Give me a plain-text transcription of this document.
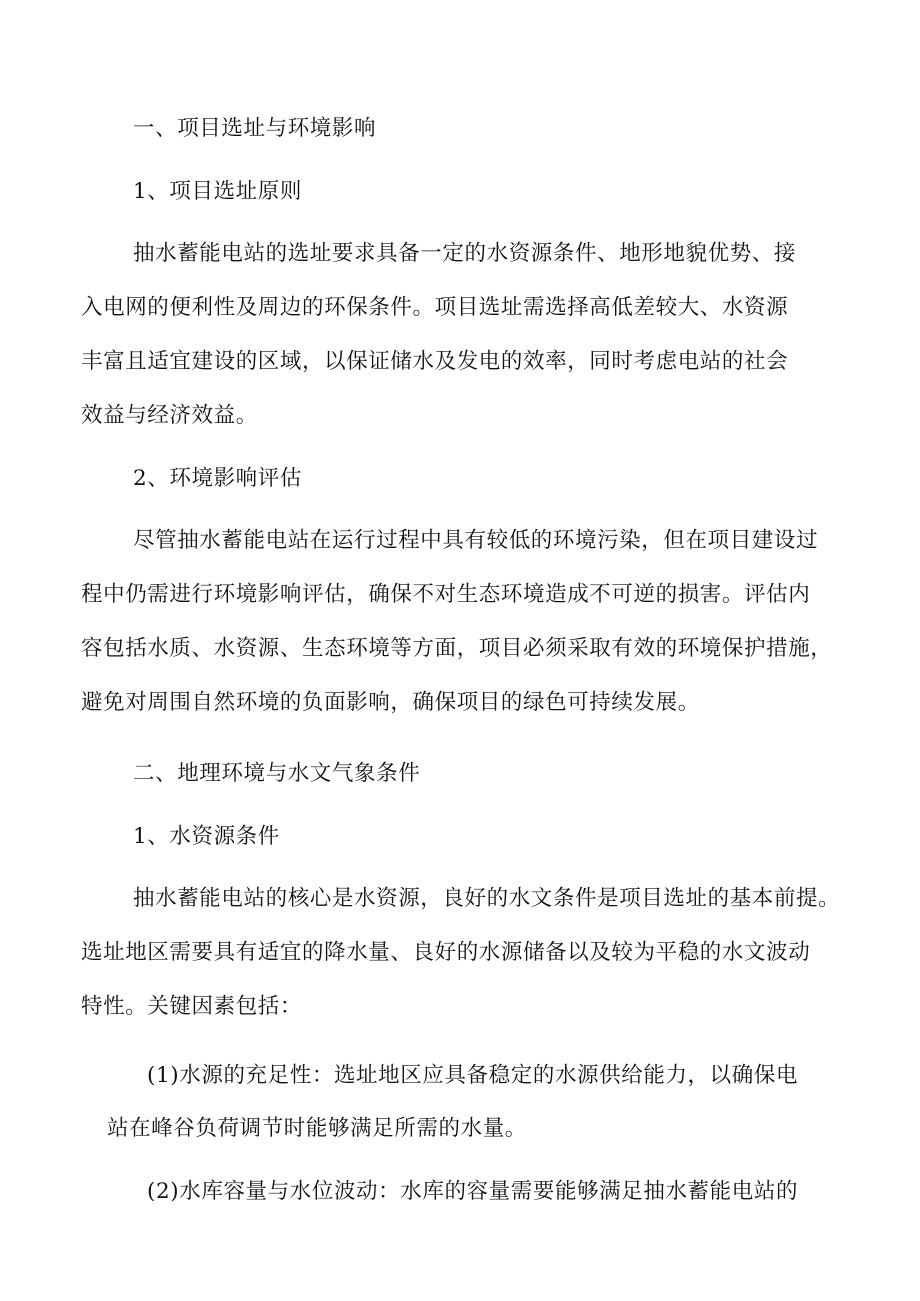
一、项目选址与环境影响
1、项目选址原则
抽水蓄能电站的选址要求具备一定的水资源条件、地形地貌优势、接
入电网的便利性及周边的环保条件。项目选址需选择高低差较大、水资源
丰富且适宜建设的区域，以保证储水及发电的效率，同时考虑电站的社会
效益与经济效益。
2、环境影响评估
尽管抽水蓄能电站在运行过程中具有较低的环境污染，但在项目建设过
程中仍需进行环境影响评估，确保不对生态环境造成不可逆的损害。评估内
容包括水质、水资源、生态环境等方面，项目必须采取有效的环境保护措施，
避免对周围自然环境的负面影响，确保项目的绿色可持续发展。
二、地理环境与水文气象条件
1、水资源条件
抽水蓄能电站的核心是水资源，良好的水文条件是项目选址的基本前提。
选址地区需要具有适宜的降水量、良好的水源储备以及较为平稳的水文波动
特性。关键因素包括：
(1)水源的充足性：选址地区应具备稳定的水源供给能力，以确保电
站在峰谷负荷调节时能够满足所需的水量。
(2)水库容量与水位波动：水库的容量需要能够满足抽水蓄能电站的
